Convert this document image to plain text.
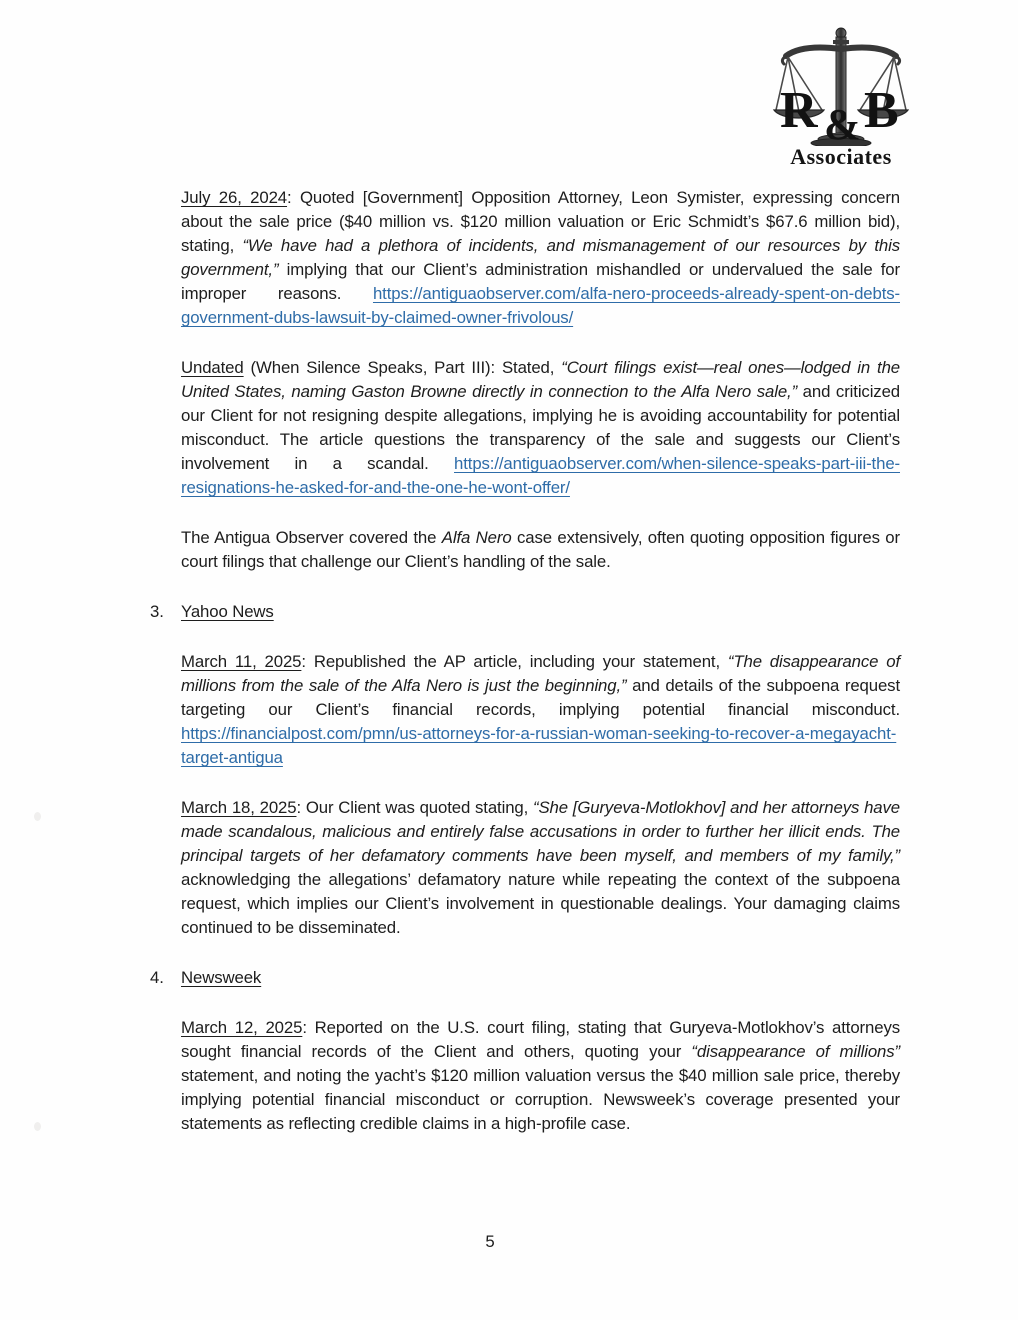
R B
&
Associates

July 26, 2024: Quoted [Government] Opposition Attorney, Leon Symister, expressing concern about the sale price ($40 million vs. $120 million valuation or Eric Schmidt’s $67.6 million bid), stating, “We have had a plethora of incidents, and mismanagement of our resources by this government,” implying that our Client’s administration mishandled or undervalued the sale for improper reasons. https://antiguaobserver.com/alfa-nero-proceeds-already-spent-on-debts-government-dubs-lawsuit-by-claimed-owner-frivolous/

Undated (When Silence Speaks, Part III): Stated, “Court filings exist—real ones—lodged in the United States, naming Gaston Browne directly in connection to the Alfa Nero sale,” and criticized our Client for not resigning despite allegations, implying he is avoiding accountability for potential misconduct. The article questions the transparency of the sale and suggests our Client’s involvement in a scandal. https://antiguaobserver.com/when-silence-speaks-part-iii-the-resignations-he-asked-for-and-the-one-he-wont-offer/

The Antigua Observer covered the Alfa Nero case extensively, often quoting opposition figures or court filings that challenge our Client’s handling of the sale.

3. Yahoo News

March 11, 2025: Republished the AP article, including your statement, “The disappearance of millions from the sale of the Alfa Nero is just the beginning,” and details of the subpoena request targeting our Client’s financial records, implying potential financial misconduct. https://financialpost.com/pmn/us-attorneys-for-a-russian-woman-seeking-to-recover-a-megayacht-target-antigua

March 18, 2025: Our Client was quoted stating, “She [Guryeva-Motlokhov] and her attorneys have made scandalous, malicious and entirely false accusations in order to further her illicit ends. The principal targets of her defamatory comments have been myself, and members of my family,” acknowledging the allegations’ defamatory nature while repeating the context of the subpoena request, which implies our Client’s involvement in questionable dealings. Your damaging claims continued to be disseminated.

4. Newsweek

March 12, 2025: Reported on the U.S. court filing, stating that Guryeva-Motlokhov’s attorneys sought financial records of the Client and others, quoting your “disappearance of millions” statement, and noting the yacht’s $120 million valuation versus the $40 million sale price, thereby implying potential financial misconduct or corruption. Newsweek’s coverage presented your statements as reflecting credible claims in a high-profile case.

5
